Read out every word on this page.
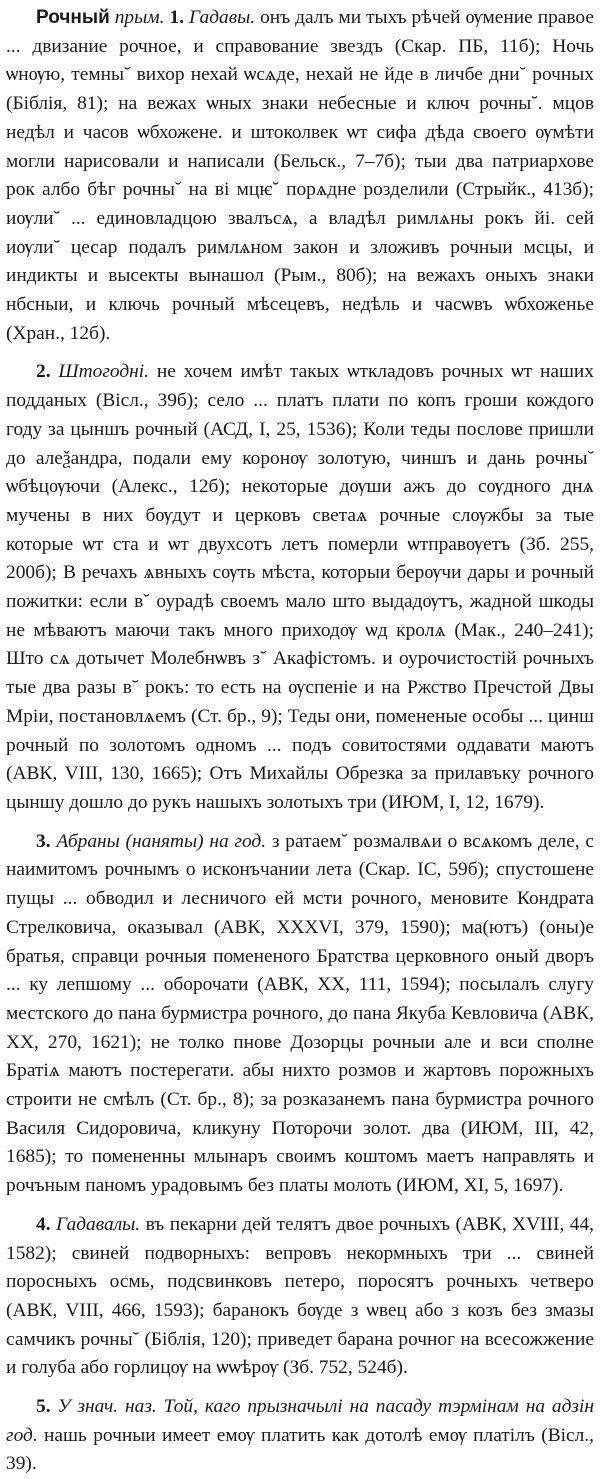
Рочный прым. 1. Гадавы. онъ далъ ми тыхъ рѣчей ѹмение правое ... двизание рочное, и справование звездъ (Скар. ПБ, 11б); Ночь ѡнѹю, темны˘ вихор нехай ѡсѧде, нехай не йде в личбе дни˘ рочных (Біблія, 81); на вежах ѡных знаки небесные и ключ рочны˘. мцов недѣл и часов ѡбхожене. и штоколвек ѡт сифа дѣда своего ѹмѣти могли нарисовали и написали (Бельск., 7–7б); тыи два патриархове рок албо бѣг рочны˘ на ві мцѥ˘ порѧдне розделили (Стрыйк., 413б); иѹли˘ ... единовладцою звалъсѧ, а владѣл римлѧны рокъ йі. сей иѹли˘ цесар подалъ римлѧном закон и зложивъ рочныи мсцы, и индикты и высекты вынашол (Рым., 80б); на вежахъ оныхъ знаки нбсныи, и ключь рочный мѣсецевъ, недѣль и часѡвъ ѡбхоженье (Хран., 12б).

2. Штогодні. не хочем имѣт такых ѡткладовъ рочных ѡт наших подданых (Вісл., 39б); село ... платъ плати по копъ гроши кождого году за цыншъ рочный (АСД, I, 25, 1536); Коли теды послове пришли до алеѯандра, подали ему коронѹ золотую, чиншъ и дань рочны˘ ѡбѣцѹючи (Алекс., 12б); некоторые дѹши ажъ до сѹдного днѧ мучены в них бѹдут и церковъ светаѧ рочные слѹжбы за тые которые ѡт ста и ѡт двухсотъ летъ померли ѡтправѹетъ (Зб. 255, 200б); В речахъ ѧвныхъ сѹть мѣста, которыи берѹчи дары и рочный пожитки: если в˘ оурадѣ своемъ мало што выдадѹтъ, жадной шкоды не мѣваютъ маючи такъ много приходѹ ѡд кролѧ (Мак., 240–241); Што сѧ дотычет Молебнѡвъ з˘ Акафістомъ. и оурочистостій рочныхъ тые два разы в˘ рокъ: то есть на ѹспеніе и на Ржство Пречстой Двы Мріи, постановлѧемъ (Ст. бр., 9); Теды они, помененые особы ... цинш рочный по золотомъ одномъ ... подъ совитостями оддавати маютъ (АВК, VIII, 130, 1665); Отъ Михайлы Обрезка за прилавъку рочного цыншу дошло до рукъ нашыхъ золотыхъ три (ИЮМ, I, 12, 1679).

3. Абраны (наняты) на год. з ратаем˘ розмалвѧи о всѧкомъ деле, с наимитомъ рочнымъ о исконъчании лета (Скар. IC, 59б); спустошене пущы ... обводил и лесничого ей мсти рочного, меновите Кондрата Стрелковича, оказывал (АВК, XXXVI, 379, 1590); ма(ютъ) (оны)е братья, справци рочныя помененого Братства церковного оный дворъ ... ку лепшому ... оборочати (АВК, XX, 111, 1594); посылалъ слугу местского до пана бурмистра рочного, до пана Якуба Кевловича (АВК, XX, 270, 1621); не толко пнове Дозорцы рочныи але и вси сполне Братіѧ маютъ постерегати. абы нихто розмов и жартовъ порожныхъ строити не смѣлъ (Ст. бр., 8); за розказанемъ пана бурмистра рочного Василя Сидоровича, кликуну Поторочи золот. два (ИЮМ, III, 42, 1685); то помененны млынаръ своимъ коштомъ маетъ направлять и рочъным паномъ урадовымъ без платы молоть (ИЮМ, XI, 5, 1697).

4. Гадавалы. въ пекарни дей телятъ двое рочныхъ (АВК, XVIII, 44, 1582); свиней подворныхъ: вепровъ некормныхъ три ... свиней поросныхъ осмь, подсвинковъ петеро, поросятъ рочныхъ четверо (АВК, VIII, 466, 1593); баранокъ бѹде з ѡвец або з козъ без змазы самчикъ рочны˘ (Біблія, 120); приведет барана рочног на всесожжение и голуба або горлицѹ на ѡѡѣрѹ (Зб. 752, 524б).

5. У знач. наз. Той, каго прызначылі на пасаду тэрмінам на адзін год. нашь рочныи имеет емѹ платить как дотолѣ емѹ платілъ (Вісл., 39).
